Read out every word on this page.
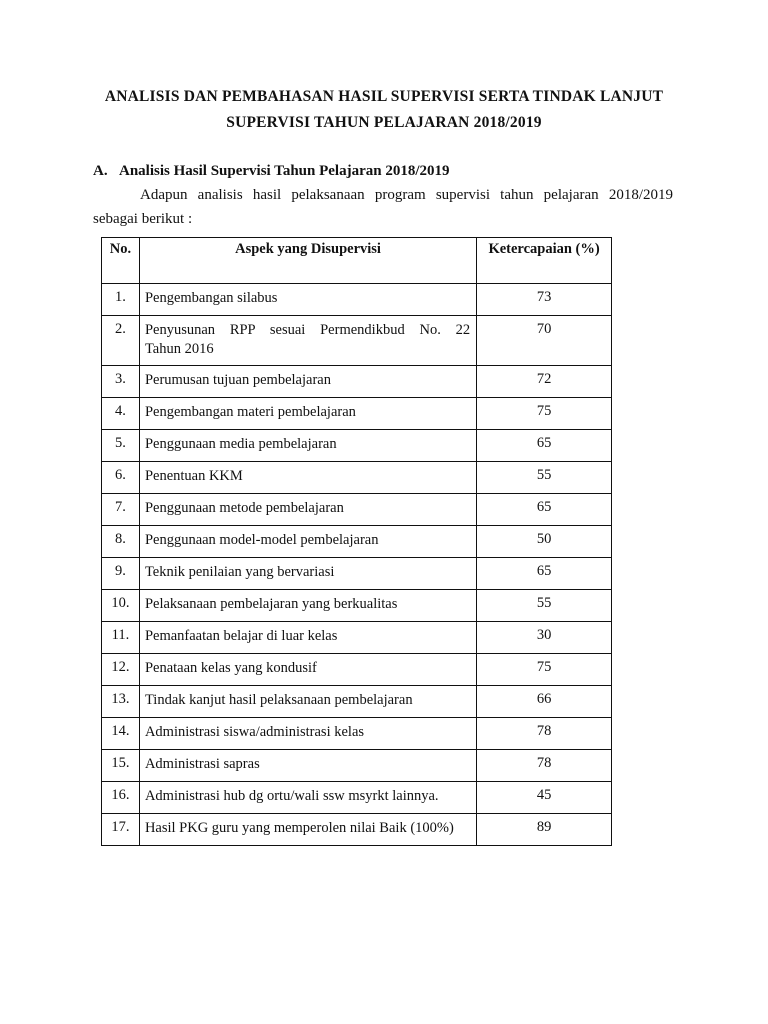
ANALISIS DAN PEMBAHASAN HASIL SUPERVISI SERTA TINDAK LANJUT
SUPERVISI TAHUN PELAJARAN 2018/2019
A. Analisis Hasil Supervisi Tahun Pelajaran 2018/2019
Adapun analisis hasil pelaksanaan program supervisi tahun pelajaran 2018/2019
sebagai berikut :
No.	Aspek yang Disupervisi	Ketercapaian (%)
1.	Pengembangan silabus	73
2.	Penyusunan RPP sesuai Permendikbud No. 22
Tahun 2016	70
3.	Perumusan tujuan pembelajaran	72
4.	Pengembangan materi pembelajaran	75
5.	Penggunaan media pembelajaran	65
6.	Penentuan KKM	55
7.	Penggunaan metode pembelajaran	65
8.	Penggunaan model-model pembelajaran	50
9.	Teknik penilaian yang bervariasi	65
10.	Pelaksanaan pembelajaran yang berkualitas	55
11.	Pemanfaatan belajar di luar kelas	30
12.	Penataan kelas yang kondusif	75
13.	Tindak kanjut hasil pelaksanaan pembelajaran	66
14.	Administrasi siswa/administrasi kelas	78
15.	Administrasi sapras	78
16.	Administrasi hub dg ortu/wali ssw msyrkt lainnya.	45
17.	Hasil PKG guru yang memperolen nilai Baik (100%)	89
